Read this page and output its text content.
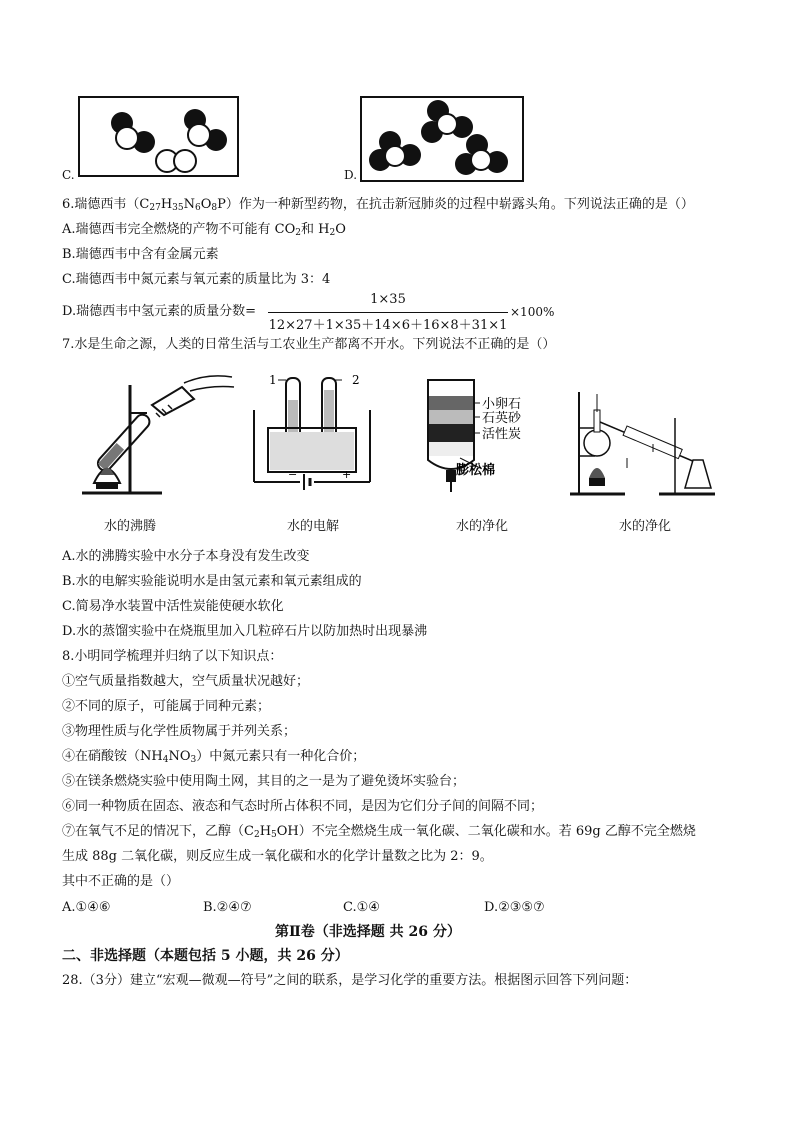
C.	D.
6.瑞德西韦$(C_{27}H_{35}N_6O_8P)$作为一种新型药物，在抗击新冠肺炎的过程中崭露头角。下列说法正确的是（）
A.瑞德西韦完全燃烧的产物不可能有 $CO_2$和 $H_2O$
B.瑞德西韦中含有金属元素
C.瑞德西韦中氮元素与氧元素的质量比为 3：4
D.瑞德西韦中氢元素的质量分数=
1×35
12×27＋1×35＋14×6＋16×8＋31×1
×100%
7.水是生命之源，人类的日常生活与工农业生产都离不开水。下列说法不正确的是（）
1	2
−	+
小卵石
石英砂
活性炭
膨松棉
水的沸腾	水的电解	水的净化	水的净化
A.水的沸腾实验中水分子本身没有发生改变
B.水的电解实验能说明水是由氢元素和氧元素组成的
C.简易净水装置中活性炭能使硬水软化
D.水的蒸馏实验中在烧瓶里加入几粒碎石片以防加热时出现暴沸
8.小明同学梳理并归纳了以下知识点：
①空气质量指数越大，空气质量状况越好；
②不同的原子，可能属于同种元素；
③物理性质与化学性质物属于并列关系；
④在硝酸铵$(NH_4NO_3)$中氮元素只有一种化合价；
⑤在镁条燃烧实验中使用陶土网，其目的之一是为了避免烫坏实验台；
⑥同一种物质在固态、液态和气态时所占体积不同，是因为它们分子间的间隔不同；
⑦在氧气不足的情况下，乙醇$(C_2H_5OH)$不完全燃烧生成一氧化碳、二氧化碳和水。若 69g 乙醇不完全燃烧
生成 88g 二氧化碳，则反应生成一氧化碳和水的化学计量数之比为 2：9。
其中不正确的是（）
A.①④⑥	B.②④⑦	C.①④	D.②③⑤⑦
第Ⅱ卷（非选择题 共 26 分）
二、非选择题（本题包括 5 小题，共 26 分）
28.（3分）建立“宏观—微观—符号”之间的联系，是学习化学的重要方法。根据图示回答下列问题：
